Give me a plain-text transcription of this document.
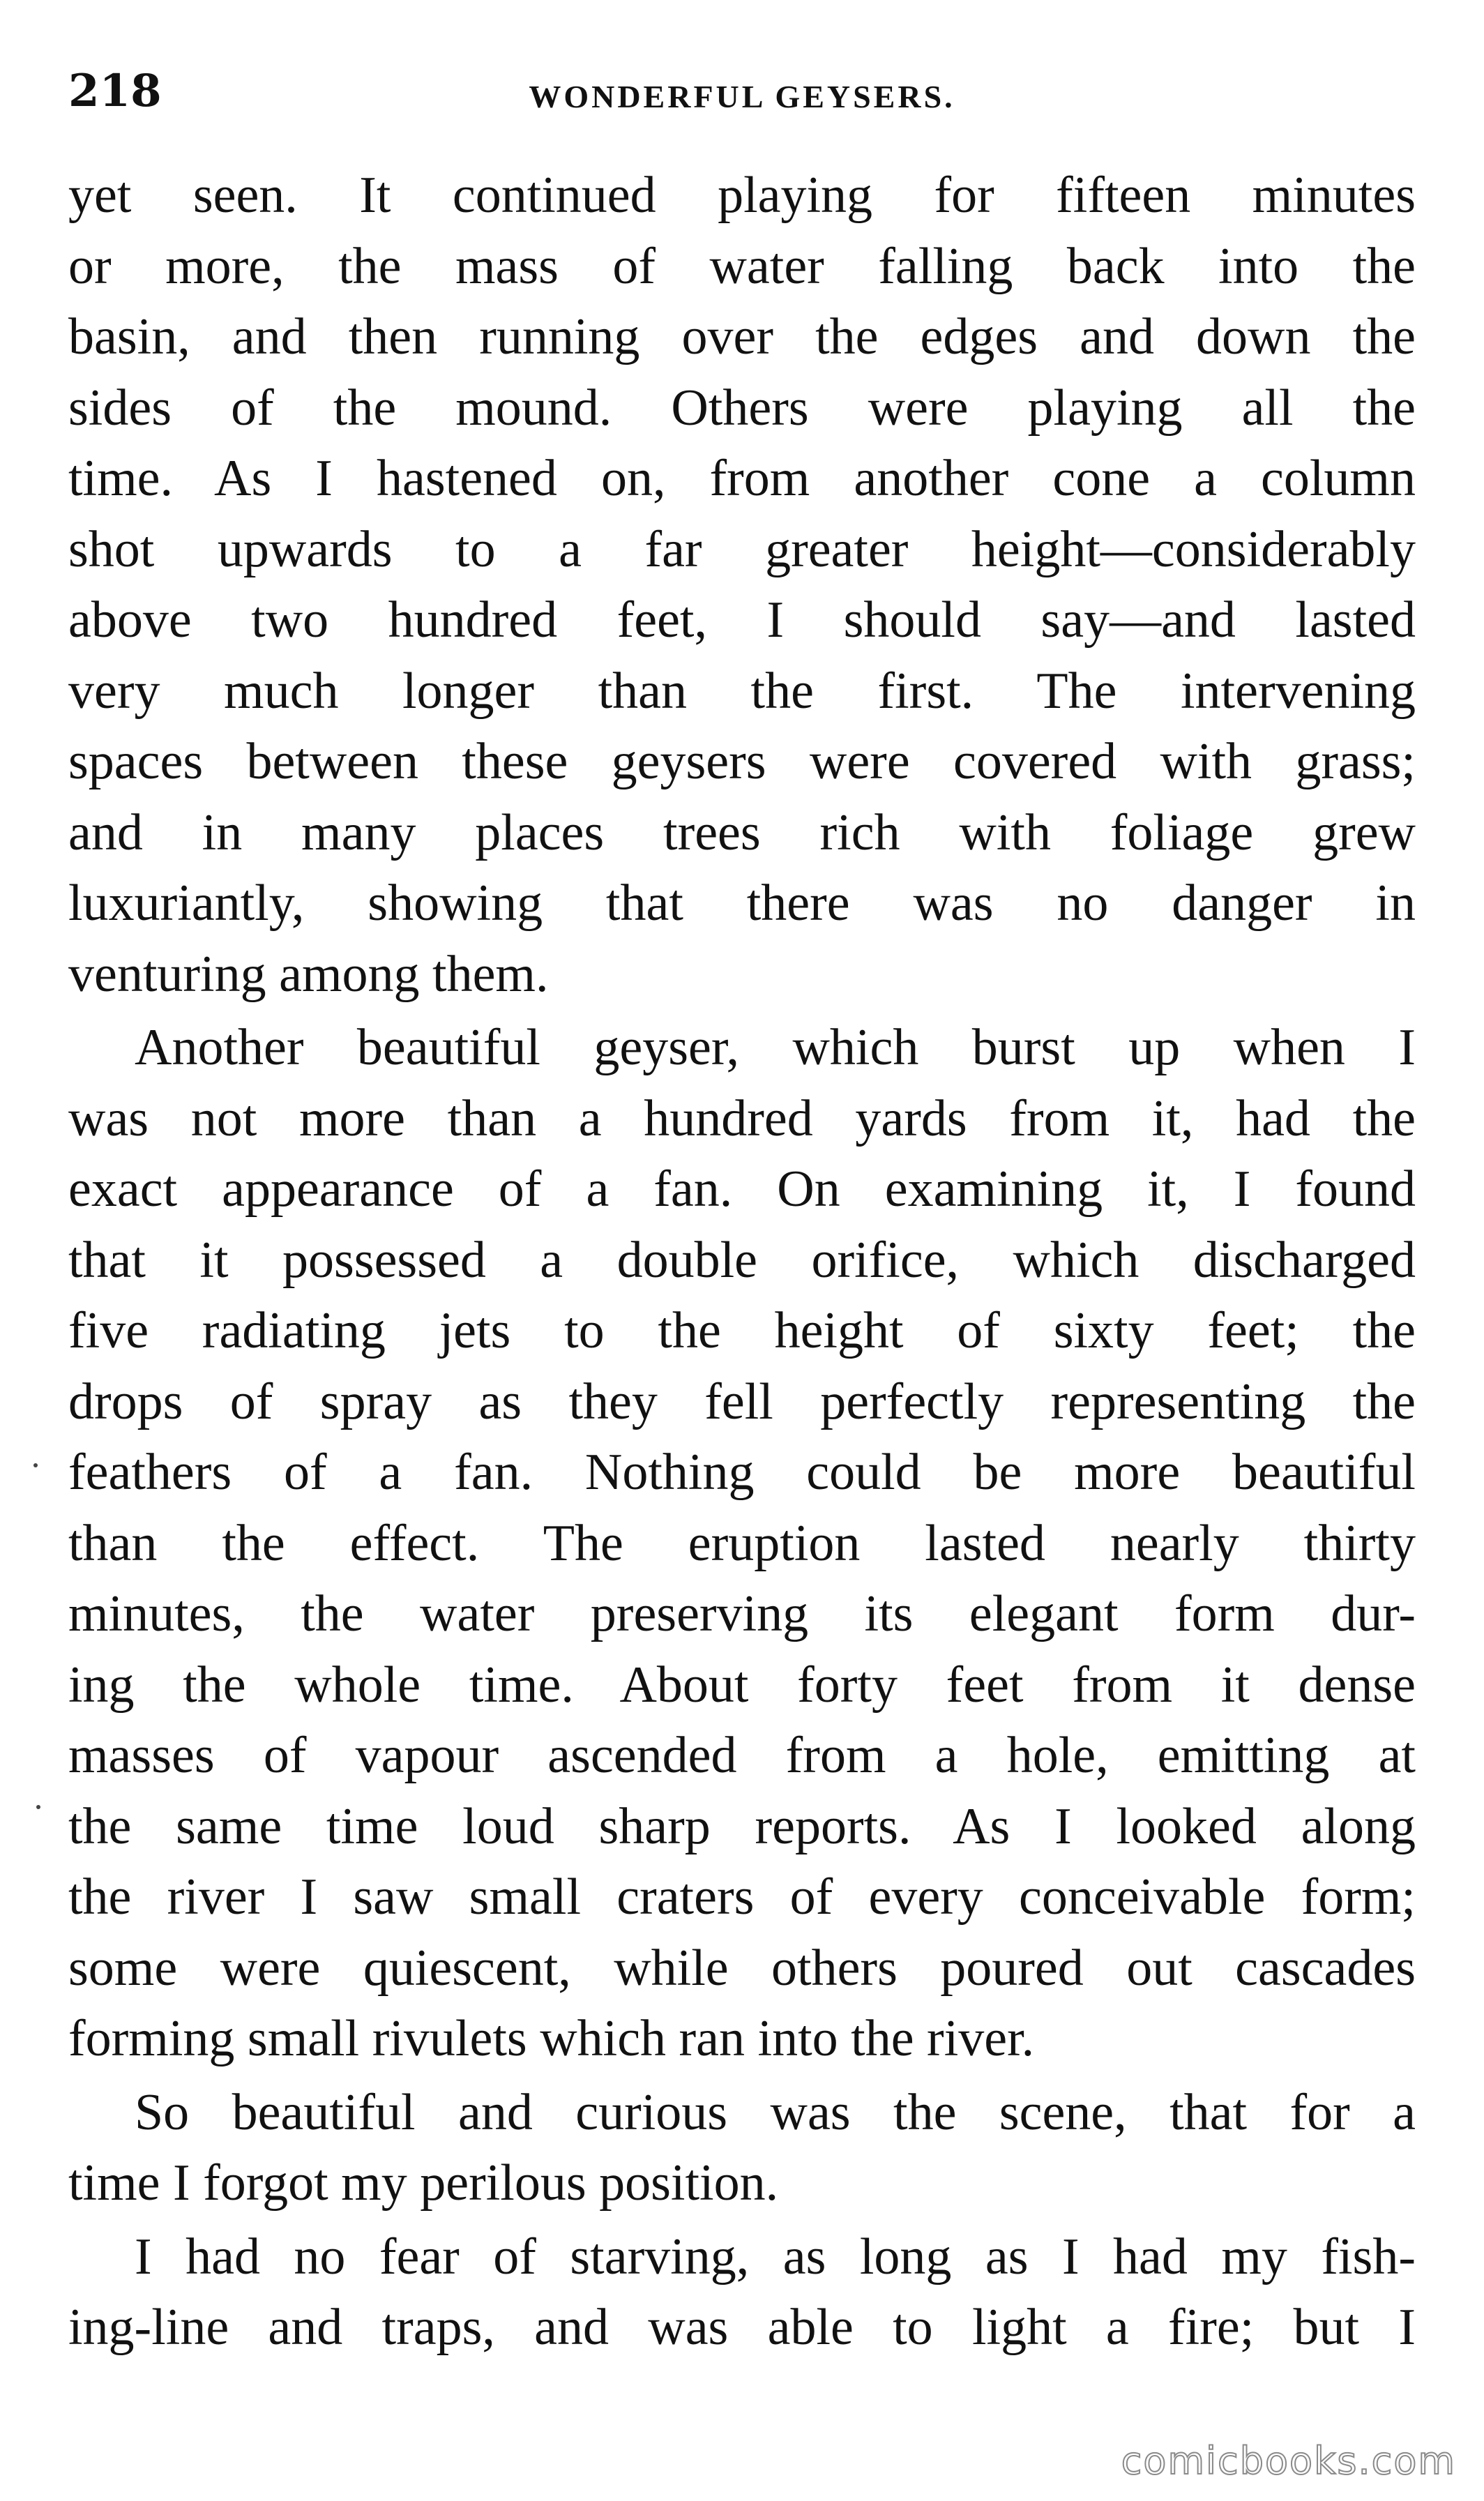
218	WONDERFUL GEYSERS.
yet seen. It continued playing for fifteen minutes
or more, the mass of water falling back into the
basin, and then running over the edges and down the
sides of the mound. Others were playing all the
time. As I hastened on, from another cone a column
shot upwards to a far greater height—considerably
above two hundred feet, I should say—and lasted
very much longer than the first. The intervening
spaces between these geysers were covered with grass;
and in many places trees rich with foliage grew
luxuriantly, showing that there was no danger in
venturing among them.
Another beautiful geyser, which burst up when I
was not more than a hundred yards from it, had the
exact appearance of a fan. On examining it, I found
that it possessed a double orifice, which discharged
five radiating jets to the height of sixty feet; the
drops of spray as they fell perfectly representing the
feathers of a fan. Nothing could be more beautiful
than the effect. The eruption lasted nearly thirty
minutes, the water preserving its elegant form dur-
ing the whole time. About forty feet from it dense
masses of vapour ascended from a hole, emitting at
the same time loud sharp reports. As I looked along
the river I saw small craters of every conceivable form;
some were quiescent, while others poured out cascades
forming small rivulets which ran into the river.
So beautiful and curious was the scene, that for a
time I forgot my perilous position.
I had no fear of starving, as long as I had my fish-
ing-line and traps, and was able to light a fire; but I
comicbooks.com
